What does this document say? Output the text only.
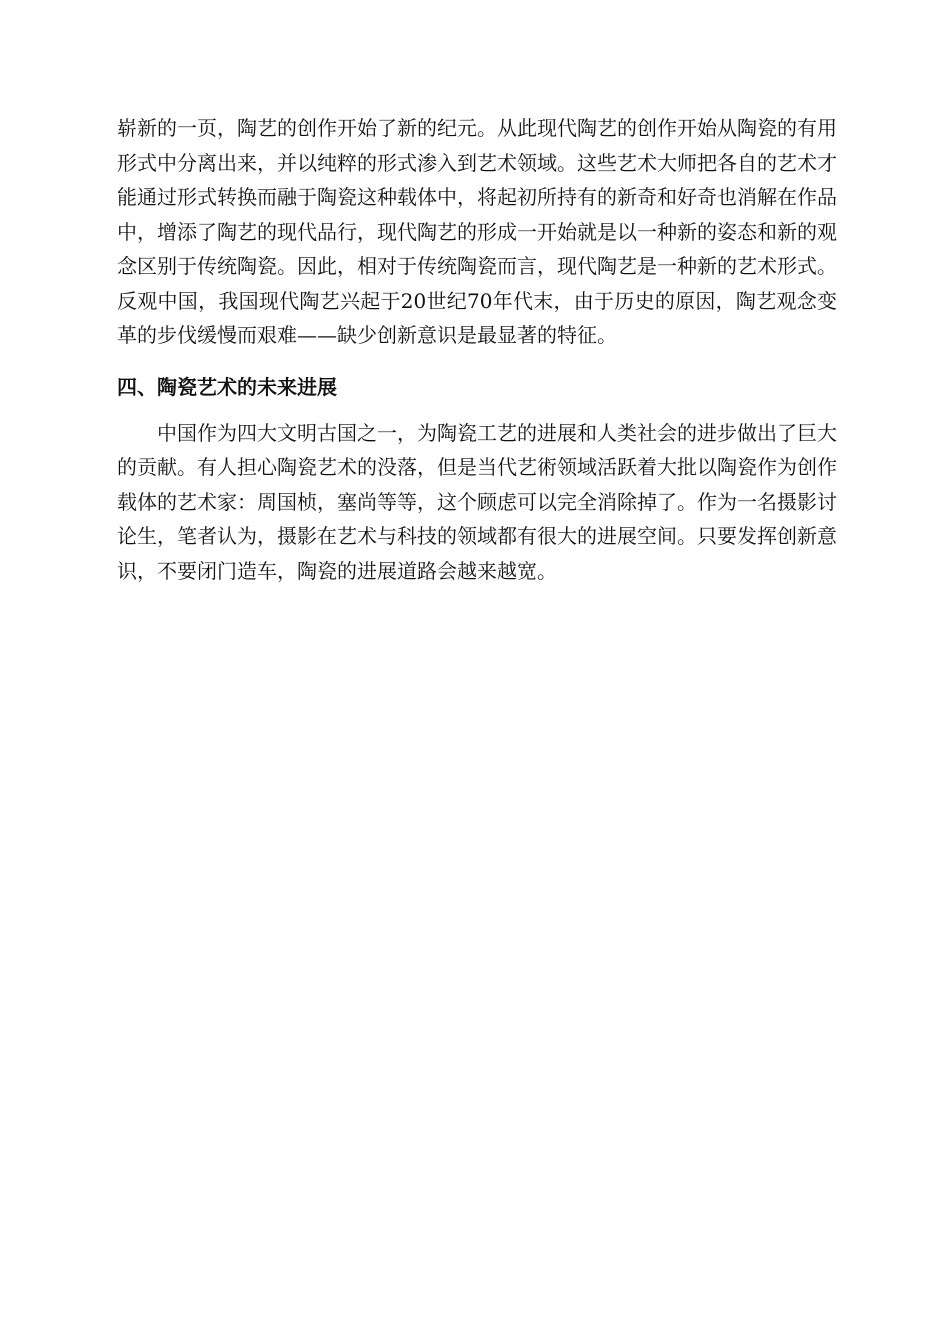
崭新的一页，陶艺的创作开始了新的纪元。从此现代陶艺的创作开始从陶瓷的有用形式中分离出来，并以纯粹的形式渗入到艺术领域。这些艺术大师把各自的艺术才能通过形式转换而融于陶瓷这种载体中，将起初所持有的新奇和好奇也消解在作品中，增添了陶艺的现代品行，现代陶艺的形成一开始就是以一种新的姿态和新的观念区别于传统陶瓷。因此，相对于传统陶瓷而言，现代陶艺是一种新的艺术形式。反观中国，我国现代陶艺兴起于20世纪70年代末，由于历史的原因，陶艺观念变革的步伐缓慢而艰难——缺少创新意识是最显著的特征。

四、陶瓷艺术的未来进展

中国作为四大文明古国之一，为陶瓷工艺的进展和人类社会的进步做出了巨大的贡献。有人担心陶瓷艺术的没落，但是当代艺術领域活跃着大批以陶瓷作为创作载体的艺术家：周国桢，塞尚等等，这个顾虑可以完全消除掉了。作为一名摄影讨论生，笔者认为，摄影在艺术与科技的领域都有很大的进展空间。只要发挥创新意识，不要闭门造车，陶瓷的进展道路会越来越宽。
